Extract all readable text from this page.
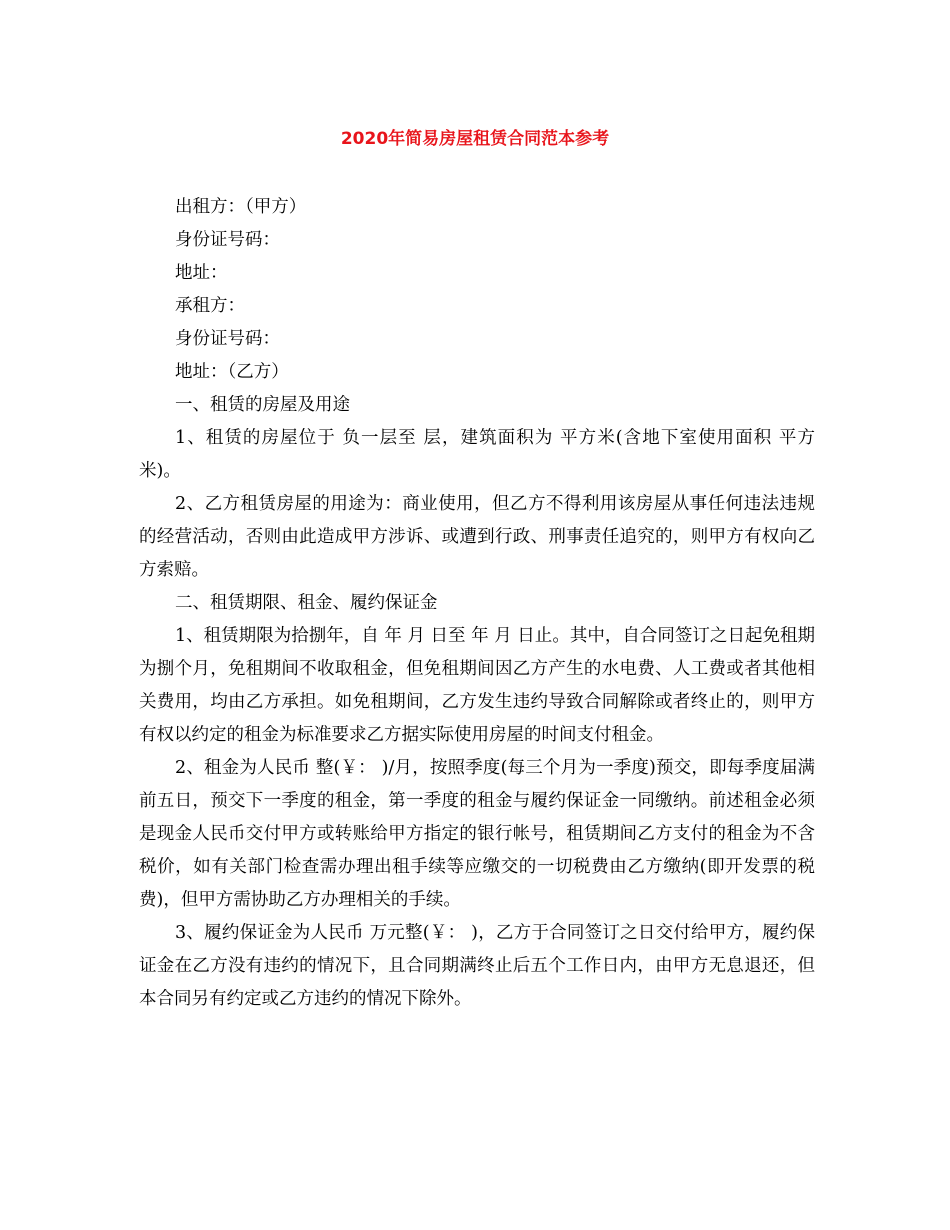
2020年简易房屋租赁合同范本参考

出租方：（甲方）

身份证号码：

地址：

承租方：

身份证号码：

地址：（乙方）

一、租赁的房屋及用途

1、租赁的房屋位于 负一层至 层，建筑面积为 平方米(含地下室使用面积 平方米)。

2、乙方租赁房屋的用途为：商业使用，但乙方不得利用该房屋从事任何违法违规的经营活动，否则由此造成甲方涉诉、或遭到行政、刑事责任追究的，则甲方有权向乙方索赔。

二、租赁期限、租金、履约保证金

1、租赁期限为拾捌年，自 年 月 日至 年 月 日止。其中，自合同签订之日起免租期为捌个月，免租期间不收取租金，但免租期间因乙方产生的水电费、人工费或者其他相关费用，均由乙方承担。如免租期间，乙方发生违约导致合同解除或者终止的，则甲方有权以约定的租金为标准要求乙方据实际使用房屋的时间支付租金。

2、租金为人民币 整(￥： )/月，按照季度(每三个月为一季度)预交，即每季度届满前五日，预交下一季度的租金，第一季度的租金与履约保证金一同缴纳。前述租金必须是现金人民币交付甲方或转账给甲方指定的银行帐号，租赁期间乙方支付的租金为不含税价，如有关部门检查需办理出租手续等应缴交的一切税费由乙方缴纳(即开发票的税费)，但甲方需协助乙方办理相关的手续。

3、履约保证金为人民币 万元整(￥： )，乙方于合同签订之日交付给甲方，履约保证金在乙方没有违约的情况下，且合同期满终止后五个工作日内，由甲方无息退还，但本合同另有约定或乙方违约的情况下除外。
